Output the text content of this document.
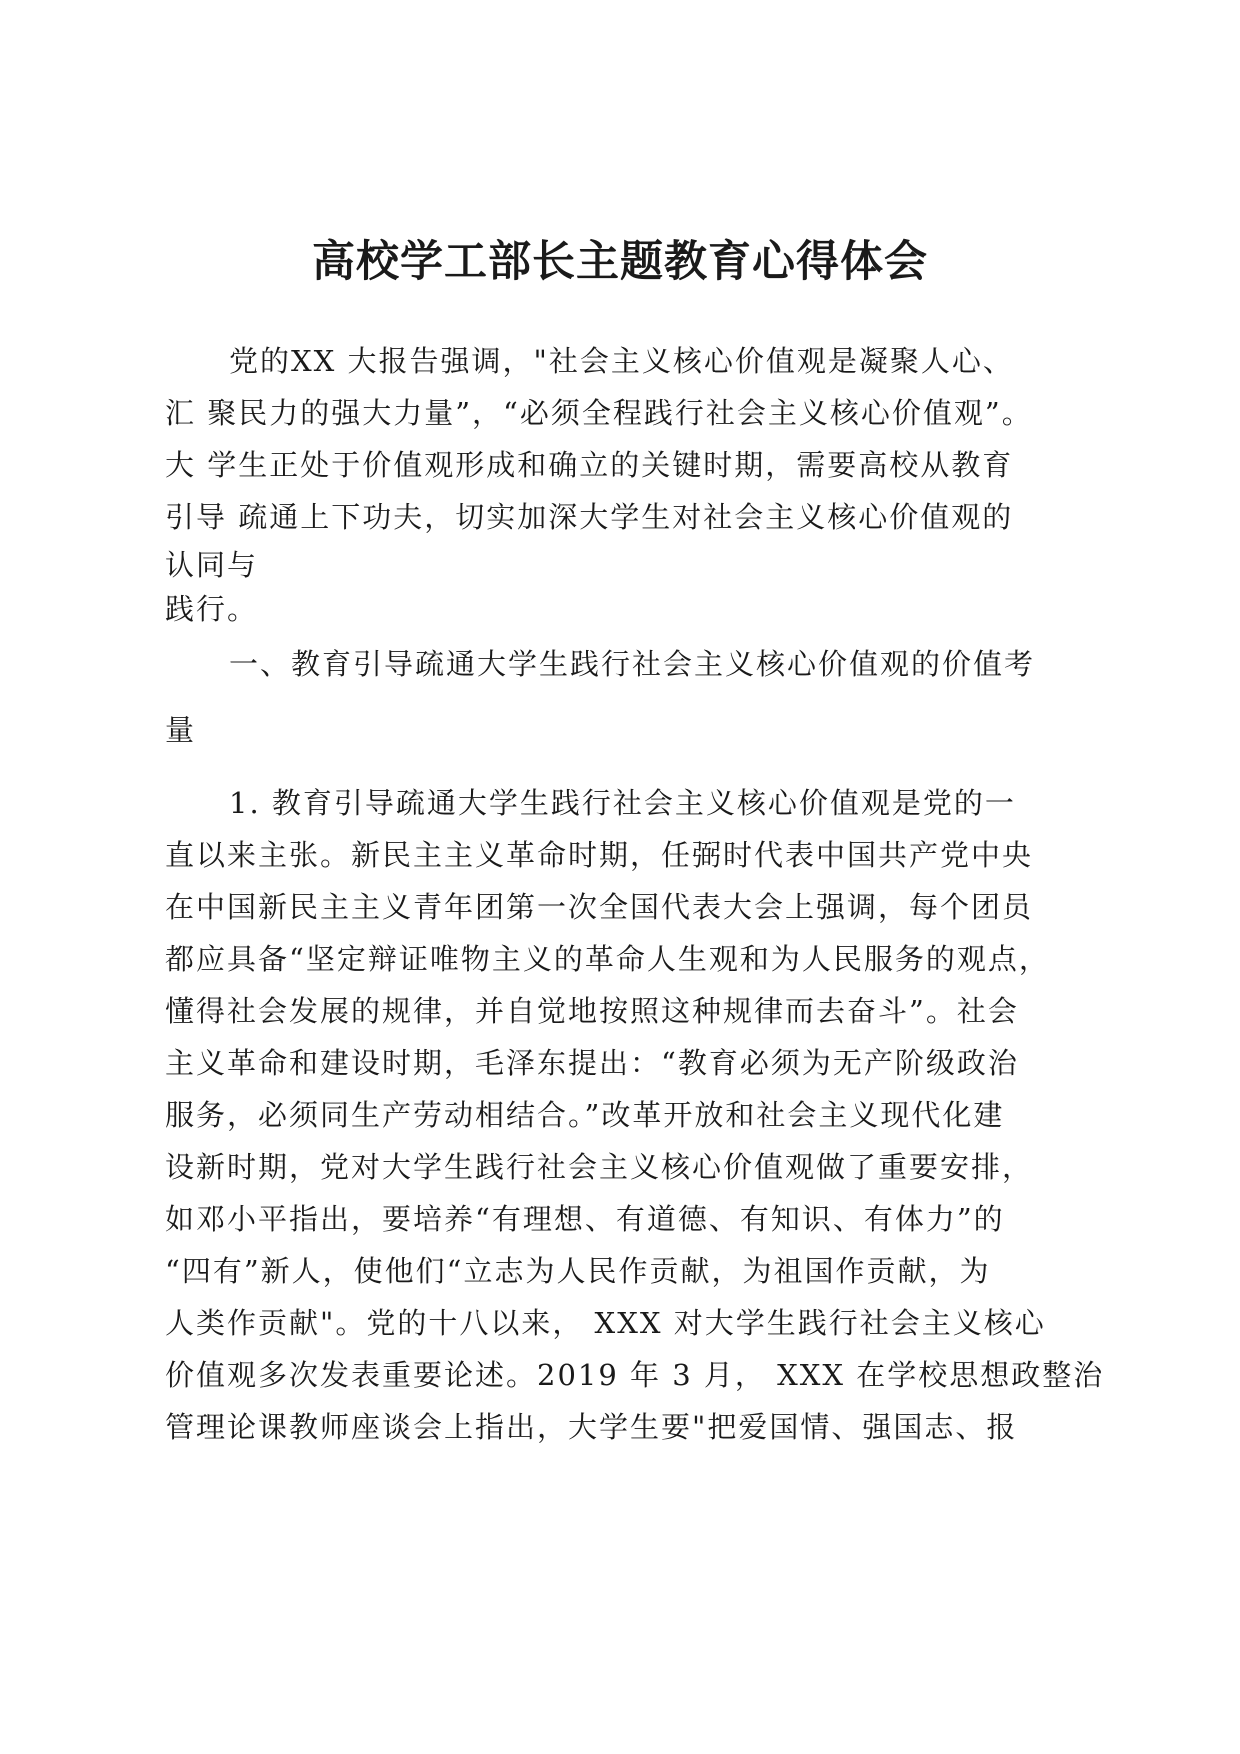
高校学工部长主题教育心得体会
党的XX 大报告强调，"社会主义核心价值观是凝聚人心、
汇 聚民力的强大力量”，“必须全程践行社会主义核心价值观”。
大 学生正处于价值观形成和确立的关键时期，需要高校从教育
引导 疏通上下功夫，切实加深大学生对社会主义核心价值观的
认同与
践行。
一、教育引导疏通大学生践行社会主义核心价值观的价值考
量
1. 教育引导疏通大学生践行社会主义核心价值观是党的一
直以来主张。新民主主义革命时期，任弼时代表中国共产党中央
在中国新民主主义青年团第一次全国代表大会上强调，每个团员
都应具备“坚定辩证唯物主义的革命人生观和为人民服务的观点，
懂得社会发展的规律，并自觉地按照这种规律而去奋斗”。社会
主义革命和建设时期，毛泽东提出：“教育必须为无产阶级政治
服务，必须同生产劳动相结合。”改革开放和社会主义现代化建
设新时期，党对大学生践行社会主义核心价值观做了重要安排，
如邓小平指出，要培养“有理想、有道德、有知识、有体力”的
“四有”新人，使他们“立志为人民作贡献，为祖国作贡献，为
人类作贡献"。党的十八以来， XXX 对大学生践行社会主义核心
价值观多次发表重要论述。2019 年 3 月， XXX 在学校思想政整治
管理论课教师座谈会上指出，大学生要"把爱国情、强国志、报
